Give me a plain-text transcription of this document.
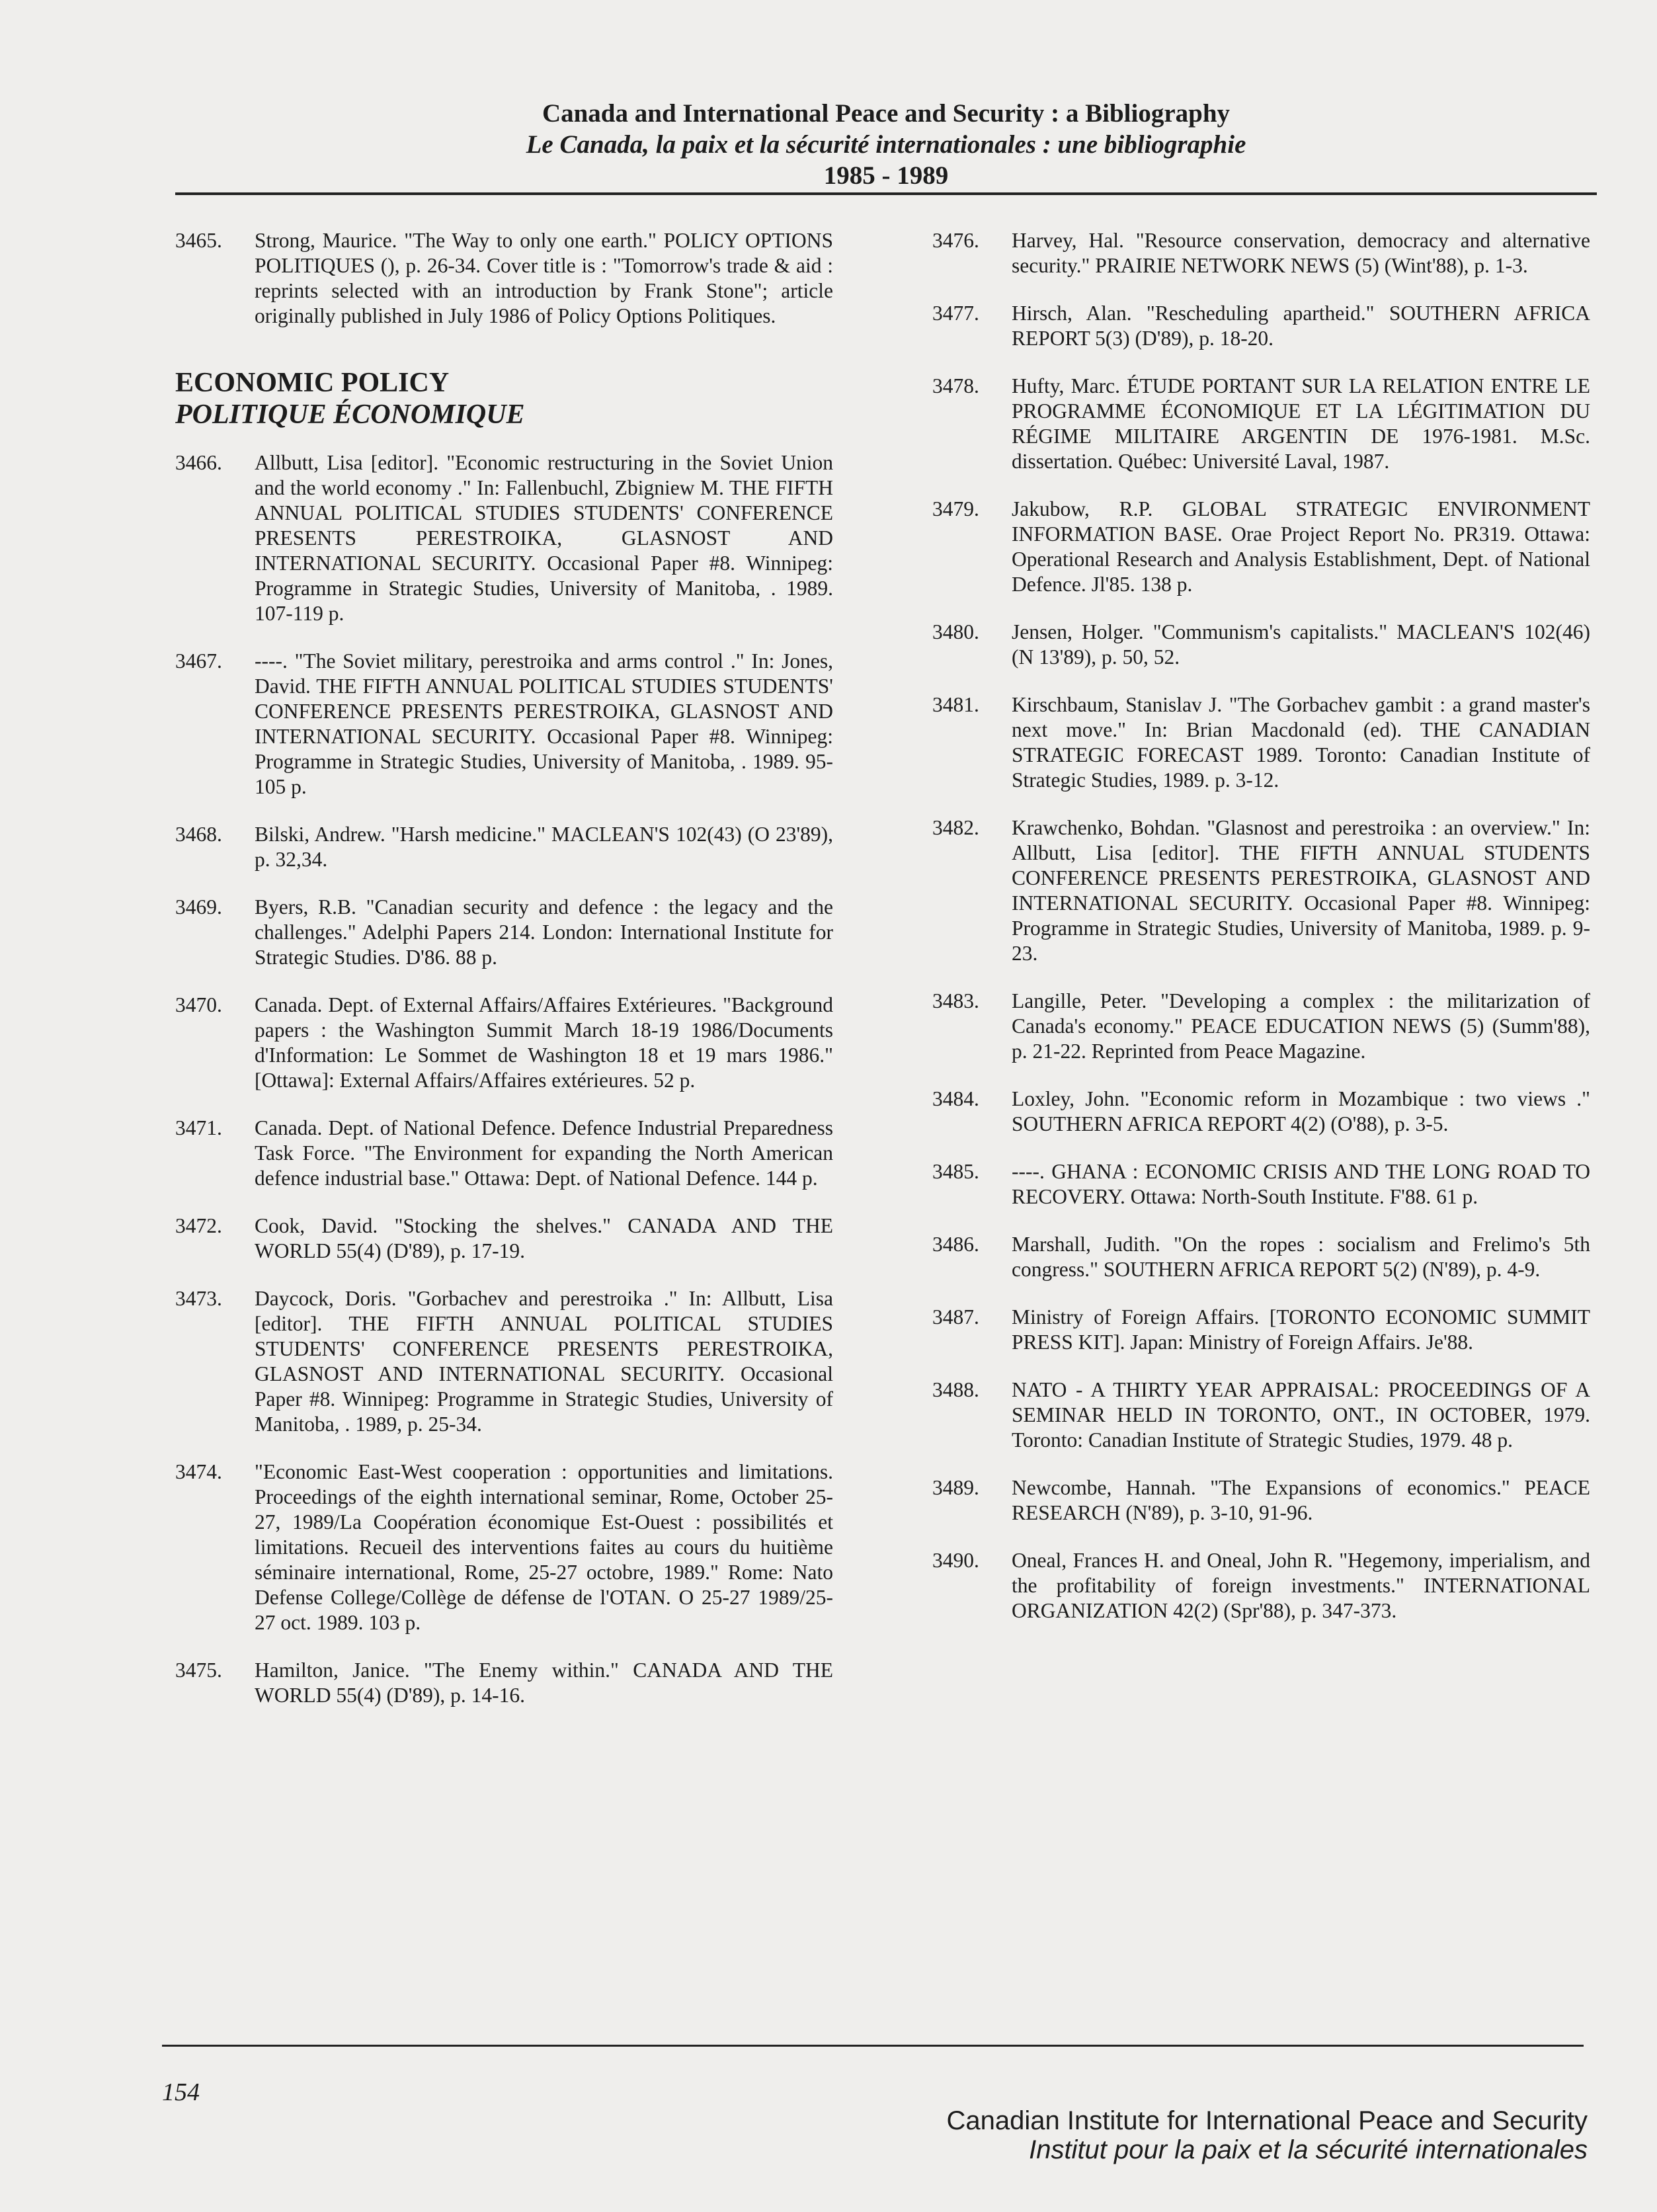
Canada and International Peace and Security : a Bibliography
Le Canada, la paix et la sécurité internationales : une bibliographie
1985 - 1989
3465.	Strong, Maurice. "The Way to only one earth." POLICY OPTIONS POLITIQUES (), p. 26-34. Cover title is : "Tomorrow's trade & aid : reprints selected with an introduction by Frank Stone"; article originally published in July 1986 of Policy Options Politiques.
ECONOMIC POLICY
POLITIQUE ÉCONOMIQUE
3466.	Allbutt, Lisa [editor]. "Economic restructuring in the Soviet Union and the world economy ." In: Fallenbuchl, Zbigniew M. THE FIFTH ANNUAL POLITICAL STUDIES STUDENTS' CONFERENCE PRESENTS PERESTROIKA, GLASNOST AND INTERNATIONAL SECURITY. Occasional Paper #8. Winnipeg: Programme in Strategic Studies, University of Manitoba, . 1989. 107-119 p.
3467.	----. "The Soviet military, perestroika and arms control ." In: Jones, David. THE FIFTH ANNUAL POLITICAL STUDIES STUDENTS' CONFERENCE PRESENTS PERESTROIKA, GLASNOST AND INTERNATIONAL SECURITY. Occasional Paper #8. Winnipeg: Programme in Strategic Studies, University of Manitoba, . 1989. 95-105 p.
3468.	Bilski, Andrew. "Harsh medicine." MACLEAN'S 102(43) (O 23'89), p. 32,34.
3469.	Byers, R.B. "Canadian security and defence : the legacy and the challenges." Adelphi Papers 214. London: International Institute for Strategic Studies. D'86. 88 p.
3470.	Canada. Dept. of External Affairs/Affaires Extérieures. "Background papers : the Washington Summit March 18-19 1986/Documents d'Information: Le Sommet de Washington 18 et 19 mars 1986." [Ottawa]: External Affairs/Affaires extérieures. 52 p.
3471.	Canada. Dept. of National Defence. Defence Industrial Preparedness Task Force. "The Environment for expanding the North American defence industrial base." Ottawa: Dept. of National Defence. 144 p.
3472.	Cook, David. "Stocking the shelves." CANADA AND THE WORLD 55(4) (D'89), p. 17-19.
3473.	Daycock, Doris. "Gorbachev and perestroika ." In: Allbutt, Lisa [editor]. THE FIFTH ANNUAL POLITICAL STUDIES STUDENTS' CONFERENCE PRESENTS PERESTROIKA, GLASNOST AND INTERNATIONAL SECURITY. Occasional Paper #8. Winnipeg: Programme in Strategic Studies, University of Manitoba, . 1989, p. 25-34.
3474.	"Economic East-West cooperation : opportunities and limitations. Proceedings of the eighth international seminar, Rome, October 25-27, 1989/La Coopération économique Est-Ouest : possibilités et limitations. Recueil des interventions faites au cours du huitième séminaire international, Rome, 25-27 octobre, 1989." Rome: Nato Defense College/Collège de défense de l'OTAN. O 25-27 1989/25-27 oct. 1989. 103 p.
3475.	Hamilton, Janice. "The Enemy within." CANADA AND THE WORLD 55(4) (D'89), p. 14-16.
3476.	Harvey, Hal. "Resource conservation, democracy and alternative security." PRAIRIE NETWORK NEWS (5) (Wint'88), p. 1-3.
3477.	Hirsch, Alan. "Rescheduling apartheid." SOUTHERN AFRICA REPORT 5(3) (D'89), p. 18-20.
3478.	Hufty, Marc. ÉTUDE PORTANT SUR LA RELATION ENTRE LE PROGRAMME ÉCONOMIQUE ET LA LÉGITIMATION DU RÉGIME MILITAIRE ARGENTIN DE 1976-1981. M.Sc. dissertation. Québec: Université Laval, 1987.
3479.	Jakubow, R.P. GLOBAL STRATEGIC ENVIRONMENT INFORMATION BASE. Orae Project Report No. PR319. Ottawa: Operational Research and Analysis Establishment, Dept. of National Defence. Jl'85. 138 p.
3480.	Jensen, Holger. "Communism's capitalists." MACLEAN'S 102(46) (N 13'89), p. 50, 52.
3481.	Kirschbaum, Stanislav J. "The Gorbachev gambit : a grand master's next move." In: Brian Macdonald (ed). THE CANADIAN STRATEGIC FORECAST 1989. Toronto: Canadian Institute of Strategic Studies, 1989. p. 3-12.
3482.	Krawchenko, Bohdan. "Glasnost and perestroika : an overview." In: Allbutt, Lisa [editor]. THE FIFTH ANNUAL STUDENTS CONFERENCE PRESENTS PERESTROIKA, GLASNOST AND INTERNATIONAL SECURITY. Occasional Paper #8. Winnipeg: Programme in Strategic Studies, University of Manitoba, 1989. p. 9-23.
3483.	Langille, Peter. "Developing a complex : the militarization of Canada's economy." PEACE EDUCATION NEWS (5) (Summ'88), p. 21-22. Reprinted from Peace Magazine.
3484.	Loxley, John. "Economic reform in Mozambique : two views ." SOUTHERN AFRICA REPORT 4(2) (O'88), p. 3-5.
3485.	----. GHANA : ECONOMIC CRISIS AND THE LONG ROAD TO RECOVERY. Ottawa: North-South Institute. F'88. 61 p.
3486.	Marshall, Judith. "On the ropes : socialism and Frelimo's 5th congress." SOUTHERN AFRICA REPORT 5(2) (N'89), p. 4-9.
3487.	Ministry of Foreign Affairs. [TORONTO ECONOMIC SUMMIT PRESS KIT]. Japan: Ministry of Foreign Affairs. Je'88.
3488.	NATO - A THIRTY YEAR APPRAISAL: PROCEEDINGS OF A SEMINAR HELD IN TORONTO, ONT., IN OCTOBER, 1979. Toronto: Canadian Institute of Strategic Studies, 1979. 48 p.
3489.	Newcombe, Hannah. "The Expansions of economics." PEACE RESEARCH (N'89), p. 3-10, 91-96.
3490.	Oneal, Frances H. and Oneal, John R. "Hegemony, imperialism, and the profitability of foreign investments." INTERNATIONAL ORGANIZATION 42(2) (Spr'88), p. 347-373.
154
Canadian Institute for International Peace and Security
Institut pour la paix et la sécurité internationales
